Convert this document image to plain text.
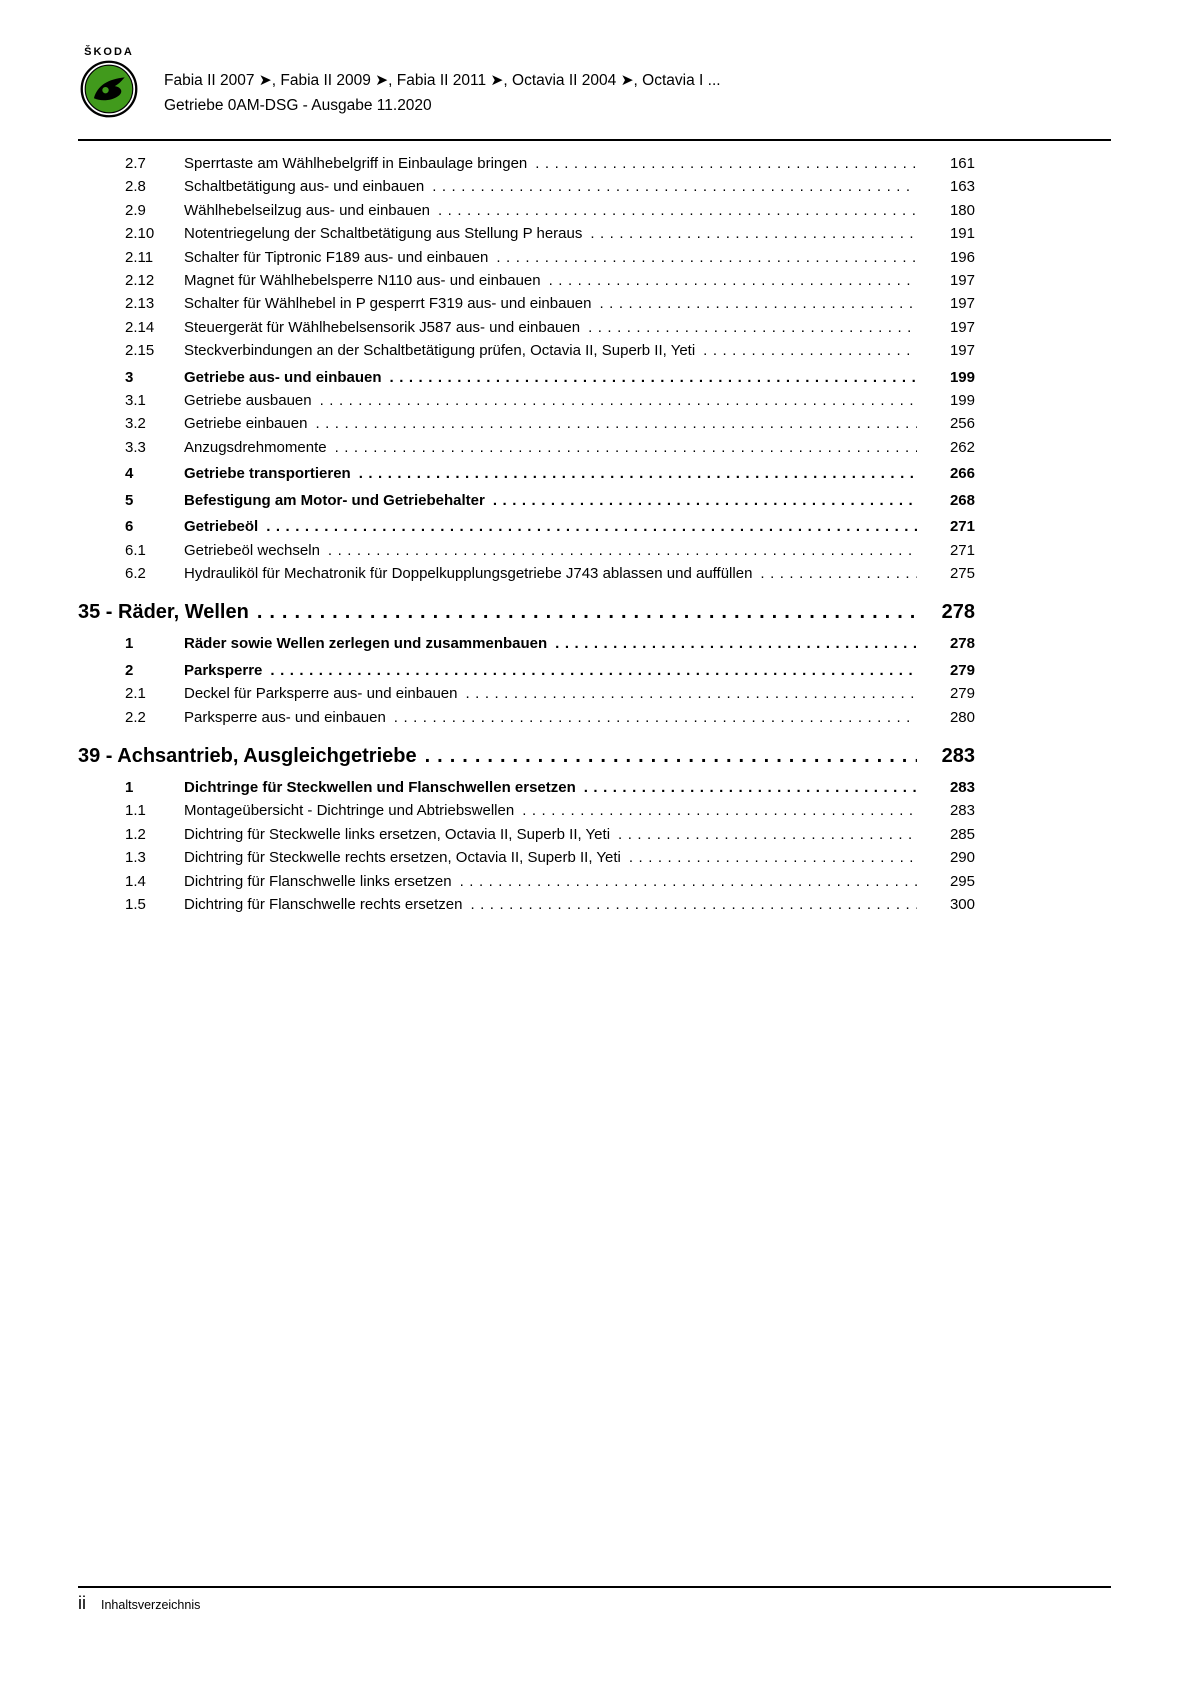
ŠKODA
Fabia II 2007 ➤, Fabia II 2009 ➤, Fabia II 2011 ➤, Octavia II 2004 ➤, Octavia I ...
Getriebe 0AM-DSG - Ausgabe 11.2020
2.7	Sperrtaste am Wählhebelgriff in Einbaulage bringen .....	161
2.8	Schaltbetätigung aus- und einbauen .....	163
2.9	Wählhebelseilzug aus- und einbauen .....	180
2.10	Notentriegelung der Schaltbetätigung aus Stellung P heraus .....	191
2.11	Schalter für Tiptronic F189 aus- und einbauen .....	196
2.12	Magnet für Wählhebelsperre N110 aus- und einbauen .....	197
2.13	Schalter für Wählhebel in P gesperrt F319 aus- und einbauen .....	197
2.14	Steuergerät für Wählhebelsensorik J587 aus- und einbauen .....	197
2.15	Steckverbindungen an der Schaltbetätigung prüfen, Octavia II, Superb II, Yeti .....	197
3	Getriebe aus- und einbauen .....	199
3.1	Getriebe ausbauen .....	199
3.2	Getriebe einbauen .....	256
3.3	Anzugsdrehmomente .....	262
4	Getriebe transportieren .....	266
5	Befestigung am Motor- und Getriebehalter .....	268
6	Getriebeöl .....	271
6.1	Getriebeöl wechseln .....	271
6.2	Hydrauliköl für Mechatronik für Doppelkupplungsgetriebe J743 ablassen und auffüllen .....	275
35 - Räder, Wellen .....	278
1	Räder sowie Wellen zerlegen und zusammenbauen .....	278
2	Parksperre .....	279
2.1	Deckel für Parksperre aus- und einbauen .....	279
2.2	Parksperre aus- und einbauen .....	280
39 - Achsantrieb, Ausgleichgetriebe .....	283
1	Dichtringe für Steckwellen und Flanschwellen ersetzen .....	283
1.1	Montageübersicht - Dichtringe und Abtriebswellen .....	283
1.2	Dichtring für Steckwelle links ersetzen, Octavia II, Superb II, Yeti .....	285
1.3	Dichtring für Steckwelle rechts ersetzen, Octavia II, Superb II, Yeti .....	290
1.4	Dichtring für Flanschwelle links ersetzen .....	295
1.5	Dichtring für Flanschwelle rechts ersetzen .....	300
ii Inhaltsverzeichnis
